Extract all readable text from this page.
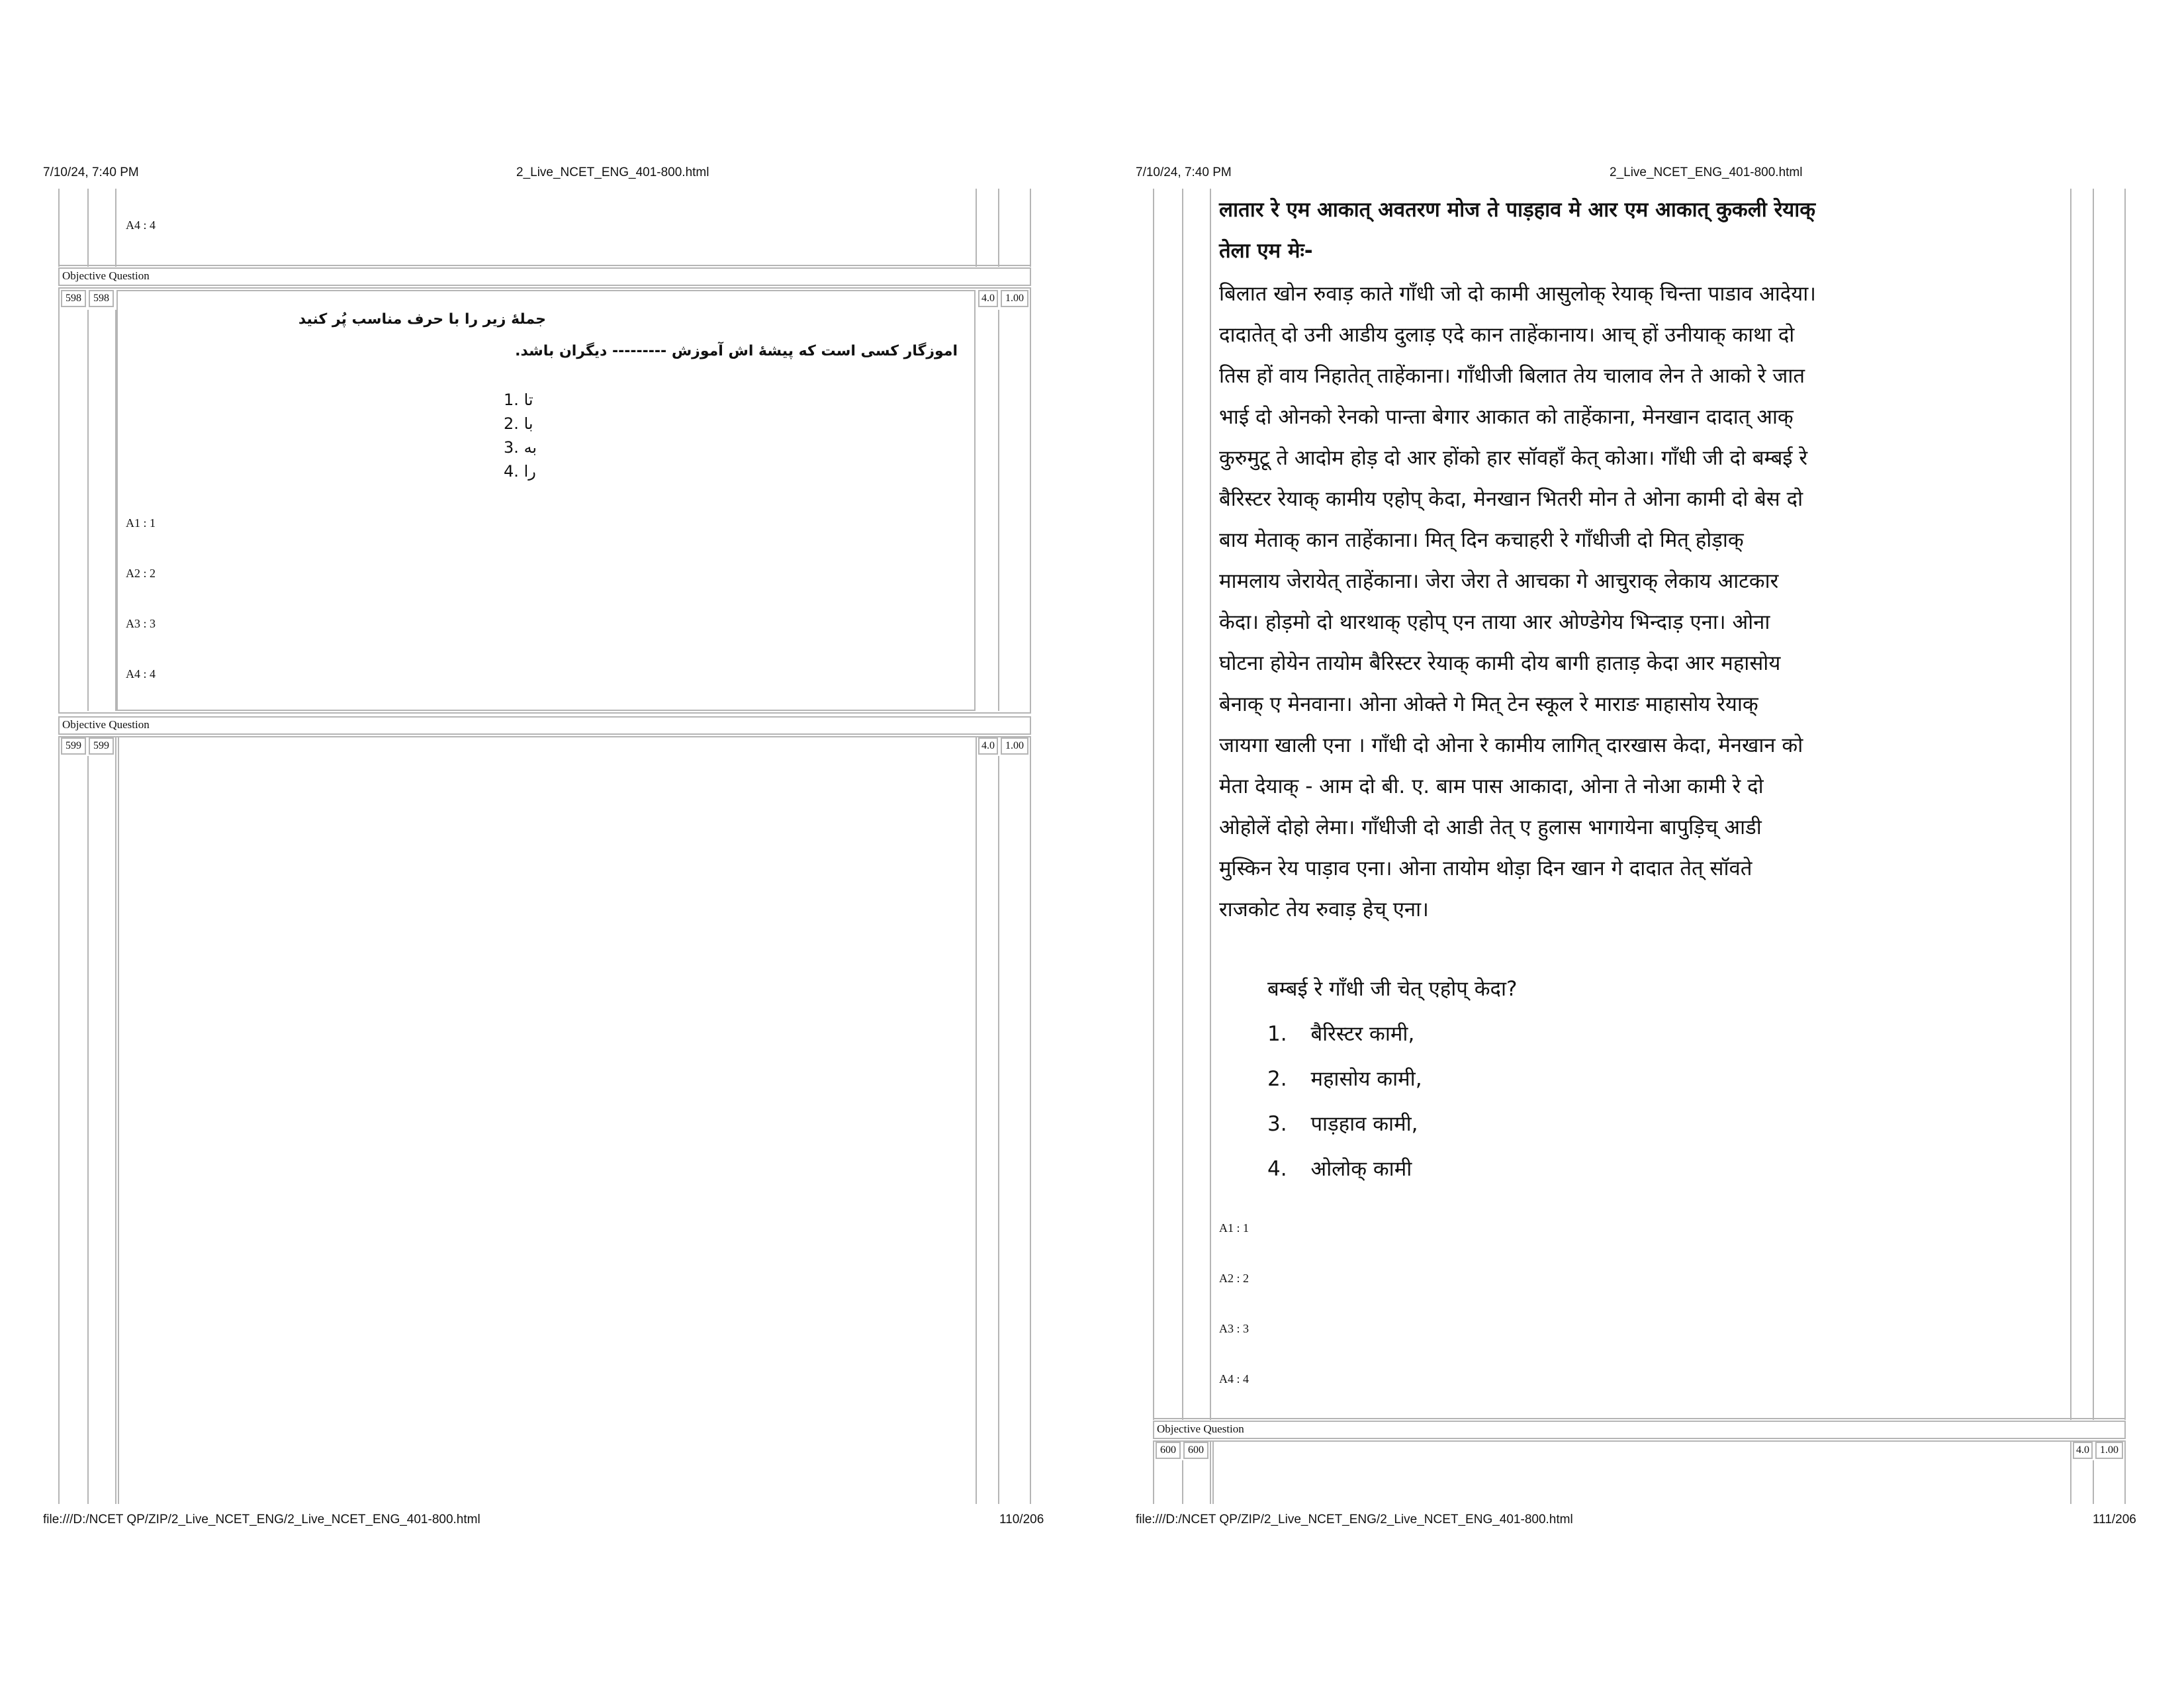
7/10/24, 7:40 PM	2_Live_NCET_ENG_401-800.html
A4 : 4
Objective Question
598	598	4.0	1.00
جملهٔ زیر را با حرف مناسب پُر کنید
اموزگار کسی است که پیشهٔ اش آموزش --------- دیگران باشد.
تا .1
با .2
به .3
را .4
A1 : 1
A2 : 2
A3 : 3
A4 : 4
Objective Question
599	599	4.0	1.00
file:///D:/NCET QP/ZIP/2_Live_NCET_ENG/2_Live_NCET_ENG_401-800.html	110/206
7/10/24, 7:40 PM	2_Live_NCET_ENG_401-800.html
लातार रे एम आकात् अवतरण मोज ते पाड़हाव मे आर एम आकात् कुकली रेयाक्
तेला एम मेः-
बिलात खोन रुवाड़ काते गाँधी जो दो कामी आसुलोक् रेयाक् चिन्ता पाडाव आदेया।
दादातेत् दो उनी आडीय दुलाड़ एदे कान ताहेंकानाय। आच् हों उनीयाक् काथा दो
तिस हों वाय निहातेत् ताहेंकाना। गाँधीजी बिलात तेय चालाव लेन ते आको रे जात
भाई दो ओनको रेनको पान्ता बेगार आकात को ताहेंकाना, मेनखान दादात् आक्
कुरुमुटू ते आदोम होड़ दो आर होंको हार सॉवहाँ केत् कोआ। गाँधी जी दो बम्बई रे
बैरिस्टर रेयाक् कामीय एहोप् केदा, मेनखान भितरी मोन ते ओना कामी दो बेस दो
बाय मेताक् कान ताहेंकाना। मित् दिन कचाहरी रे गाँधीजी दो मित् होड़ाक्
मामलाय जेरायेत् ताहेंकाना। जेरा जेरा ते आचका गे आचुराक् लेकाय आटकार
केदा। होड़मो दो थारथाक् एहोप् एन ताया आर ओण्डेगेय भिन्दाड़ एना। ओना
घोटना होयेन तायोम बैरिस्टर रेयाक् कामी दोय बागी हाताड़ केदा आर महासोय
बेनाक् ए मेनवाना। ओना ओक्ते गे मित् टेन स्कूल रे माराङ माहासोय रेयाक्
जायगा खाली एना । गाँधी दो ओना रे कामीय लागित् दारखास केदा, मेनखान को
मेता देयाक् - आम दो बी. ए. बाम पास आकादा, ओना ते नोआ कामी रे दो
ओहोलें दोहो लेमा। गाँधीजी दो आडी तेत् ए हुलास भागायेना बापुड़िच् आडी
मुस्किन रेय पाड़ाव एना। ओना तायोम थोड़ा दिन खान गे दादात तेत् सॉवते
राजकोट तेय रुवाड़ हेच् एना।
बम्बई रे गाँधी जी चेत् एहोप् केदा?
1. बैरिस्टर कामी,
2. महासोय कामी,
3. पाड़हाव कामी,
4. ओलोक् कामी
A1 : 1
A2 : 2
A3 : 3
A4 : 4
Objective Question
600	600	4.0	1.00
file:///D:/NCET QP/ZIP/2_Live_NCET_ENG/2_Live_NCET_ENG_401-800.html	111/206
